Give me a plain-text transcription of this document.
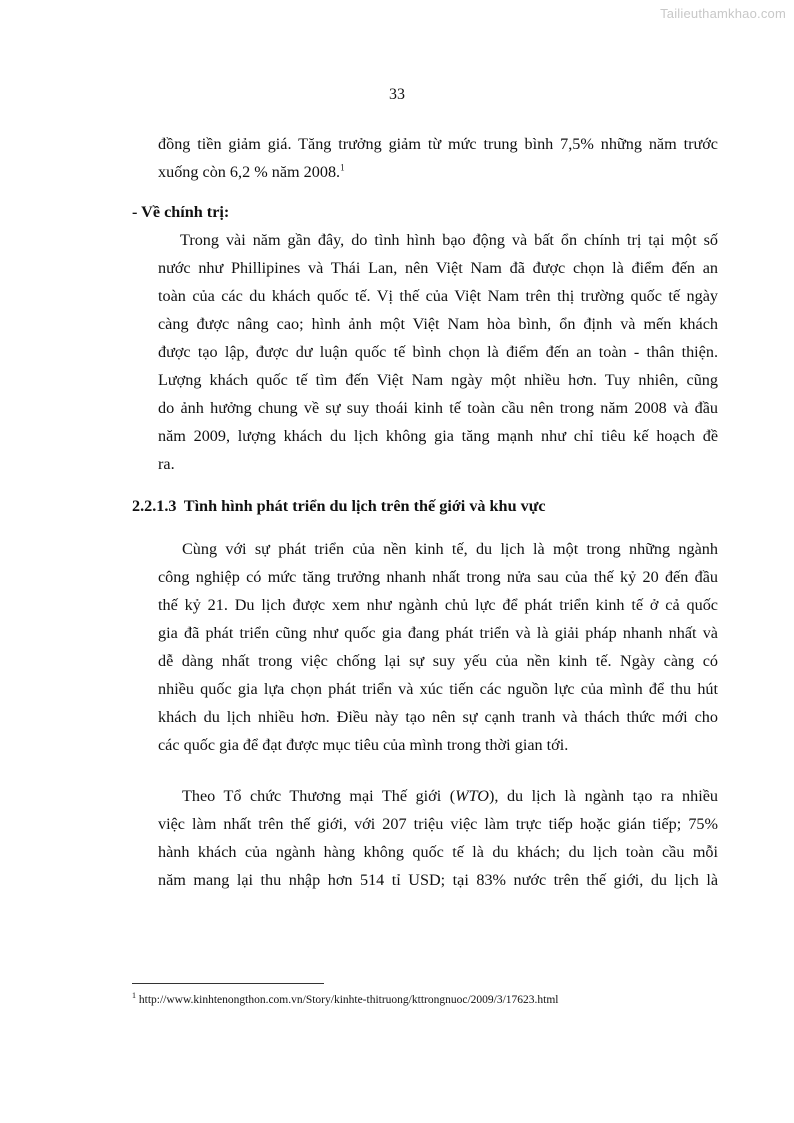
Tailieuthamkhao.com
33
đồng tiền giảm giá. Tăng trưởng giảm từ mức trung bình 7,5% những năm trước
xuống còn 6,2 % năm 2008.$^1$
- Về chính trị:
Trong vài năm gần đây, do tình hình bạo động và bất ổn chính trị tại một số
nước như Phillipines và Thái Lan, nên Việt Nam đã được chọn là điểm đến an
toàn của các du khách quốc tế. Vị thế của Việt Nam trên thị trường quốc tế ngày
càng được nâng cao; hình ảnh một Việt Nam hòa bình, ổn định và mến khách
được tạo lập, được dư luận quốc tế bình chọn là điểm đến an toàn - thân thiện.
Lượng khách quốc tế tìm đến Việt Nam ngày một nhiều hơn. Tuy nhiên, cũng
do ảnh hưởng chung về sự suy thoái kinh tế toàn cầu nên trong năm 2008 và đầu
năm 2009, lượng khách du lịch không gia tăng mạnh như chỉ tiêu kế hoạch đề
ra.
2.2.1.3 Tình hình phát triển du lịch trên thế giới và khu vực
Cùng với sự phát triển của nền kinh tế, du lịch là một trong những ngành
công nghiệp có mức tăng trưởng nhanh nhất trong nửa sau của thế kỷ 20 đến đầu
thế kỷ 21. Du lịch được xem như ngành chủ lực để phát triển kinh tế ở cả quốc
gia đã phát triển cũng như quốc gia đang phát triển và là giải pháp nhanh nhất và
dễ dàng nhất trong việc chống lại sự suy yếu của nền kinh tế. Ngày càng có
nhiều quốc gia lựa chọn phát triển và xúc tiến các nguồn lực của mình để thu hút
khách du lịch nhiều hơn. Điều này tạo nên sự cạnh tranh và thách thức mới cho
các quốc gia để đạt được mục tiêu của mình trong thời gian tới.
Theo Tổ chức Thương mại Thế giới (WTO), du lịch là ngành tạo ra nhiều
việc làm nhất trên thế giới, với 207 triệu việc làm trực tiếp hoặc gián tiếp; 75%
hành khách của ngành hàng không quốc tế là du khách; du lịch toàn cầu mỗi
năm mang lại thu nhập hơn 514 tỉ USD; tại 83% nước trên thế giới, du lịch là
$^1$ http://www.kinhtenongthon.com.vn/Story/kinhte-thitruong/kttrongnuoc/2009/3/17623.html
